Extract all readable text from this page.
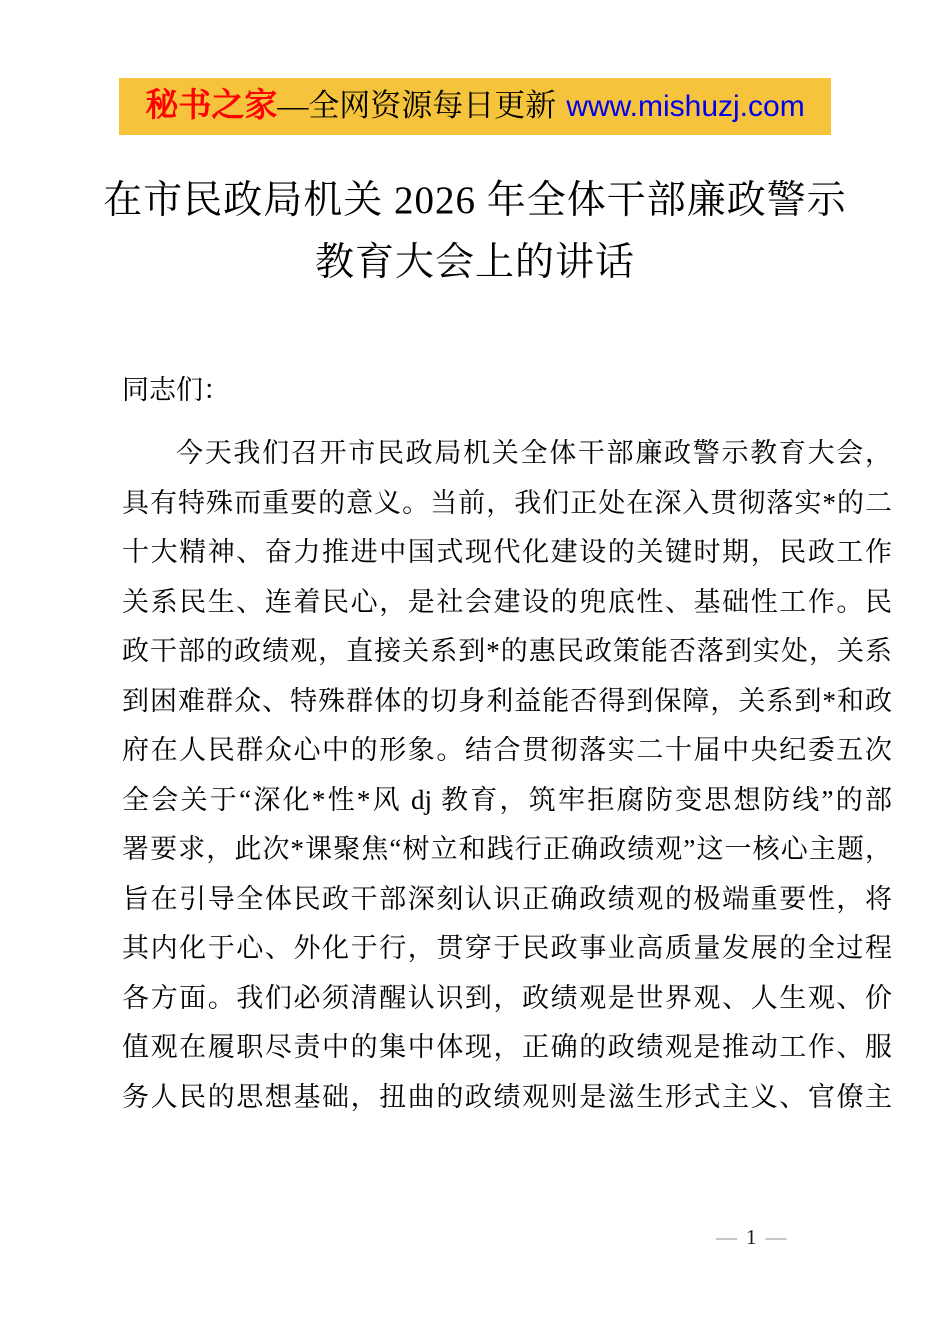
秘书之家—全网资源每日更新 www.mishuzj.com
在市民政局机关 2026 年全体干部廉政警示
教育大会上的讲话
同志们：
今天我们召开市民政局机关全体干部廉政警示教育大会，
具有特殊而重要的意义。当前，我们正处在深入贯彻落实*的二
十大精神、奋力推进中国式现代化建设的关键时期，民政工作
关系民生、连着民心，是社会建设的兜底性、基础性工作。民
政干部的政绩观，直接关系到*的惠民政策能否落到实处，关系
到困难群众、特殊群体的切身利益能否得到保障，关系到*和政
府在人民群众心中的形象。结合贯彻落实二十届中央纪委五次
全会关于“深化*性*风 dj 教育，筑牢拒腐防变思想防线”的部
署要求，此次*课聚焦“树立和践行正确政绩观”这一核心主题，
旨在引导全体民政干部深刻认识正确政绩观的极端重要性，将
其内化于心、外化于行，贯穿于民政事业高质量发展的全过程
各方面。我们必须清醒认识到，政绩观是世界观、人生观、价
值观在履职尽责中的集中体现，正确的政绩观是推动工作、服
务人民的思想基础，扭曲的政绩观则是滋生形式主义、官僚主
— 1 —
